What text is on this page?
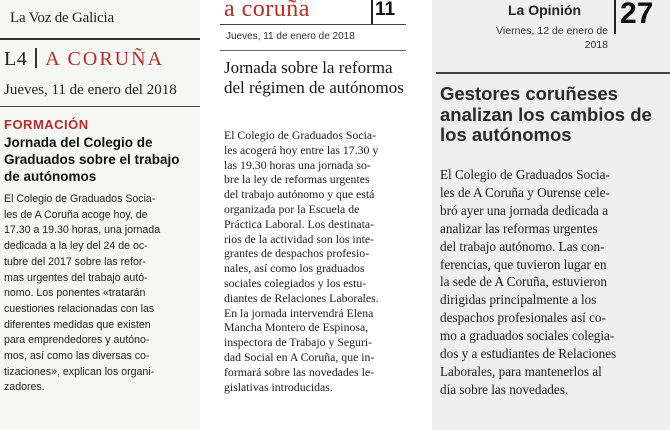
La Voz de Galicia
L4 A CORUÑA
Jueves, 11 de enero del 2018
FORMACIÓN
Jornada del Colegio de Graduados sobre el trabajo de autónomos
El Colegio de Graduados Socia-
les de A Coruña acoge hoy, de
17.30 a 19.30 horas, una jornada
dedicada a la ley del 24 de oc-
tubre del 2017 sobre las refor-
mas urgentes del trabajo autó-
nomo. Los ponentes «tratarán
cuestiones relacionadas con las
diferentes medidas que existen
para emprendedores y autóno-
mos, así como las diversas co-
tizaciones», explican los organi-
zadores.
a coruña	11
Jueves, 11 de enero de 2018
Jornada sobre la reforma del régimen de autónomos
El Colegio de Graduados Socia-
les acogerá hoy entre las 17.30 y
las 19.30 horas una jornada so-
bre la ley de reformas urgentes
del trabajo autónomo y que está
organizada por la Escuela de
Práctica Laboral. Los destinata-
rios de la actividad son los inte-
grantes de despachos profesio-
nales, así como los graduados
sociales colegiados y los estu-
diantes de Relaciones Laborales.
En la jornada intervendrá Elena
Mancha Montero de Espinosa,
inspectora de Trabajo y Seguri-
dad Social en A Coruña, que in-
formará sobre las novedades le-
gislativas introducidas.
La Opinión 27
Viernes, 12 de enero de 2018
Gestores coruñeses analizan los cambios de los autónomos
El Colegio de Graduados Socia-
les de A Coruña y Ourense cele-
bró ayer una jornada dedicada a
analizar las reformas urgentes
del trabajo autónomo. Las con-
ferencias, que tuvieron lugar en
la sede de A Coruña, estuvieron
dirigidas principalmente a los
despachos profesionales así co-
mo a graduados sociales colegia-
dos y a estudiantes de Relaciones
Laborales, para mantenerlos al
día sobre las novedades.
